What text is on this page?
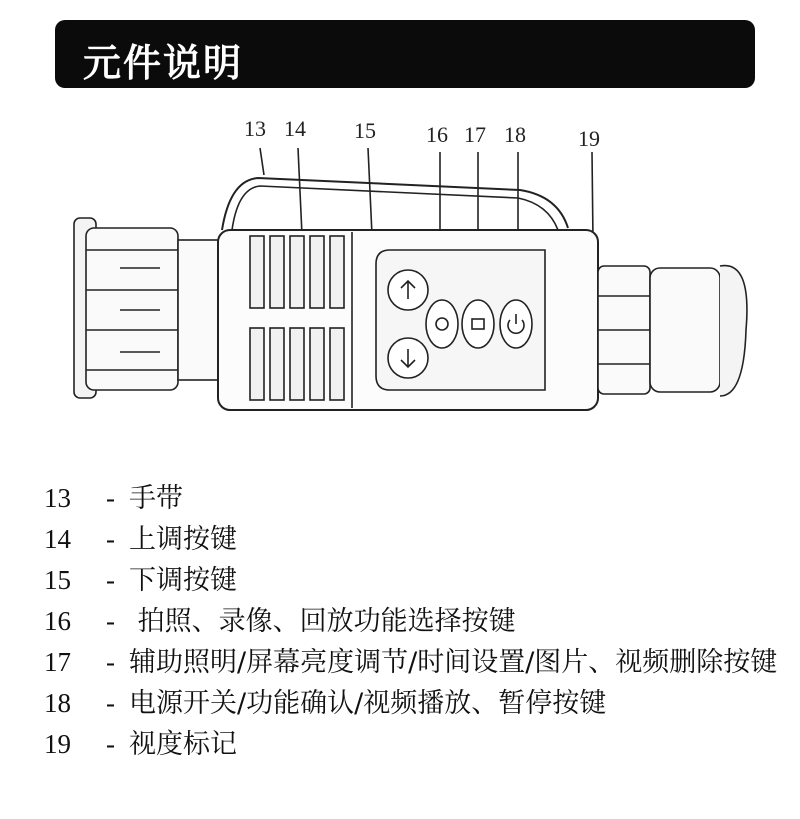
元件说明
13 14 15 16 17 18 19
13 - 手带
14 - 上调按键
15 - 下调按键
16 - 拍照、录像、回放功能选择按键
17 - 辅助照明/屏幕亮度调节/时间设置/图片、视频删除按键
18 - 电源开关/功能确认/视频播放、暂停按键
19 - 视度标记
